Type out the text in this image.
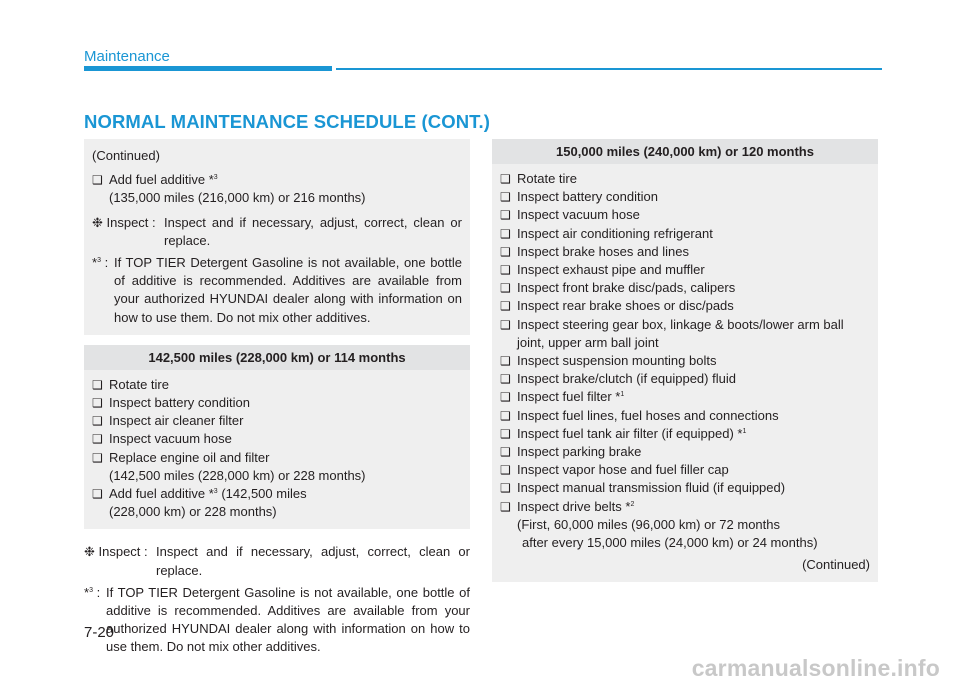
Maintenance
NORMAL MAINTENANCE SCHEDULE (CONT.)
(Continued)
❑ Add fuel additive *$^3$
(135,000 miles (216,000 km) or 216 months)
❉ Inspect : Inspect and if necessary, adjust, correct, clean or replace.
*$^3$ : If TOP TIER Detergent Gasoline is not available, one bottle of additive is recommended. Additives are available from your authorized HYUNDAI dealer along with information on how to use them. Do not mix other additives.
142,500 miles (228,000 km) or 114 months
❑ Rotate tire
❑ Inspect battery condition
❑ Inspect air cleaner filter
❑ Inspect vacuum hose
❑ Replace engine oil and filter
(142,500 miles (228,000 km) or 228 months)
❑ Add fuel additive *$^3$ (142,500 miles
(228,000 km) or 228 months)
❉ Inspect : Inspect and if necessary, adjust, correct, clean or replace.
*$^3$ : If TOP TIER Detergent Gasoline is not available, one bottle of additive is recommended. Additives are available from your authorized HYUNDAI dealer along with information on how to use them. Do not mix other additives.
150,000 miles (240,000 km) or 120 months
❑ Rotate tire
❑ Inspect battery condition
❑ Inspect vacuum hose
❑ Inspect air conditioning refrigerant
❑ Inspect brake hoses and lines
❑ Inspect exhaust pipe and muffler
❑ Inspect front brake disc/pads, calipers
❑ Inspect rear brake shoes or disc/pads
❑ Inspect steering gear box, linkage & boots/lower arm ball
joint, upper arm ball joint
❑ Inspect suspension mounting bolts
❑ Inspect brake/clutch (if equipped) fluid
❑ Inspect fuel filter *$^1$
❑ Inspect fuel lines, fuel hoses and connections
❑ Inspect fuel tank air filter (if equipped) *$^1$
❑ Inspect parking brake
❑ Inspect vapor hose and fuel filler cap
❑ Inspect manual transmission fluid (if equipped)
❑ Inspect drive belts *$^2$
(First, 60,000 miles (96,000 km) or 72 months
after every 15,000 miles (24,000 km) or 24 months)
(Continued)
7-20
carmanualsonline.info
